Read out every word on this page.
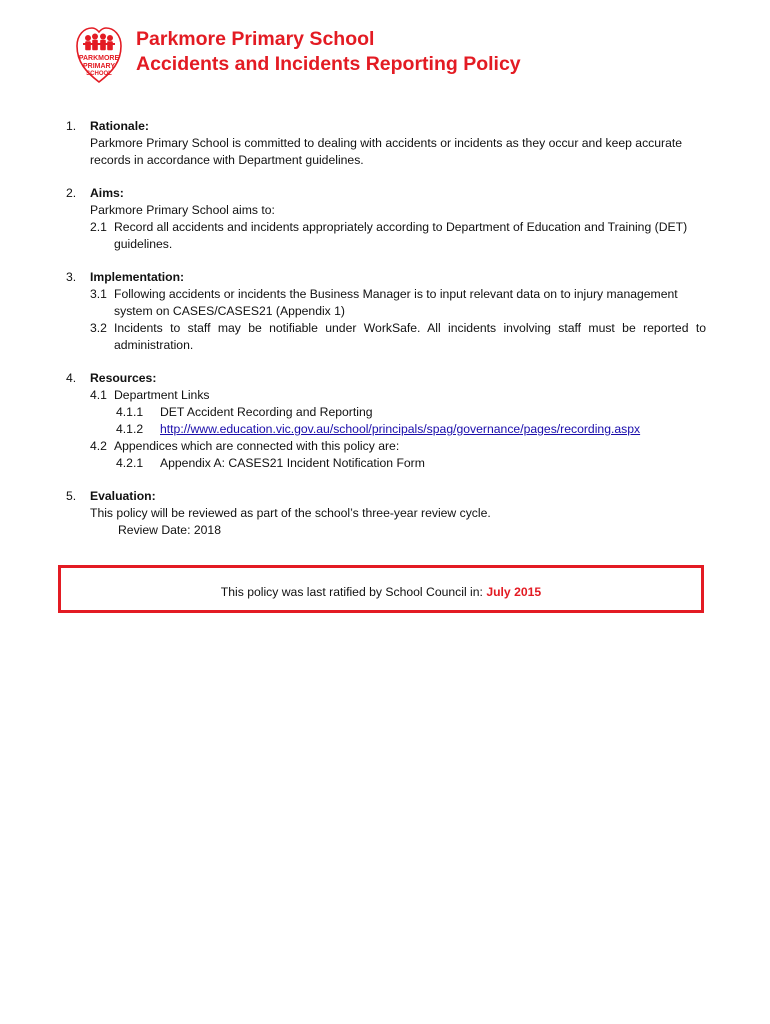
PARKMORE
PRIMARY
SCHOOL
Parkmore Primary School
Accidents and Incidents Reporting Policy
1. Rationale:
Parkmore Primary School is committed to dealing with accidents or incidents as they occur and keep accurate records in accordance with Department guidelines.
2. Aims:
Parkmore Primary School aims to:
2.1 Record all accidents and incidents appropriately according to Department of Education and Training (DET) guidelines.
3. Implementation:
3.1 Following accidents or incidents the Business Manager is to input relevant data on to injury management system on CASES/CASES21 (Appendix 1)
3.2 Incidents to staff may be notifiable under WorkSafe. All incidents involving staff must be reported to administration.
4. Resources:
4.1 Department Links
4.1.1 DET Accident Recording and Reporting
4.1.2 http://www.education.vic.gov.au/school/principals/spag/governance/pages/recording.aspx
4.2 Appendices which are connected with this policy are:
4.2.1 Appendix A: CASES21 Incident Notification Form
5. Evaluation:
This policy will be reviewed as part of the school’s three-year review cycle.
Review Date: 2018
This policy was last ratified by School Council in: July 2015
